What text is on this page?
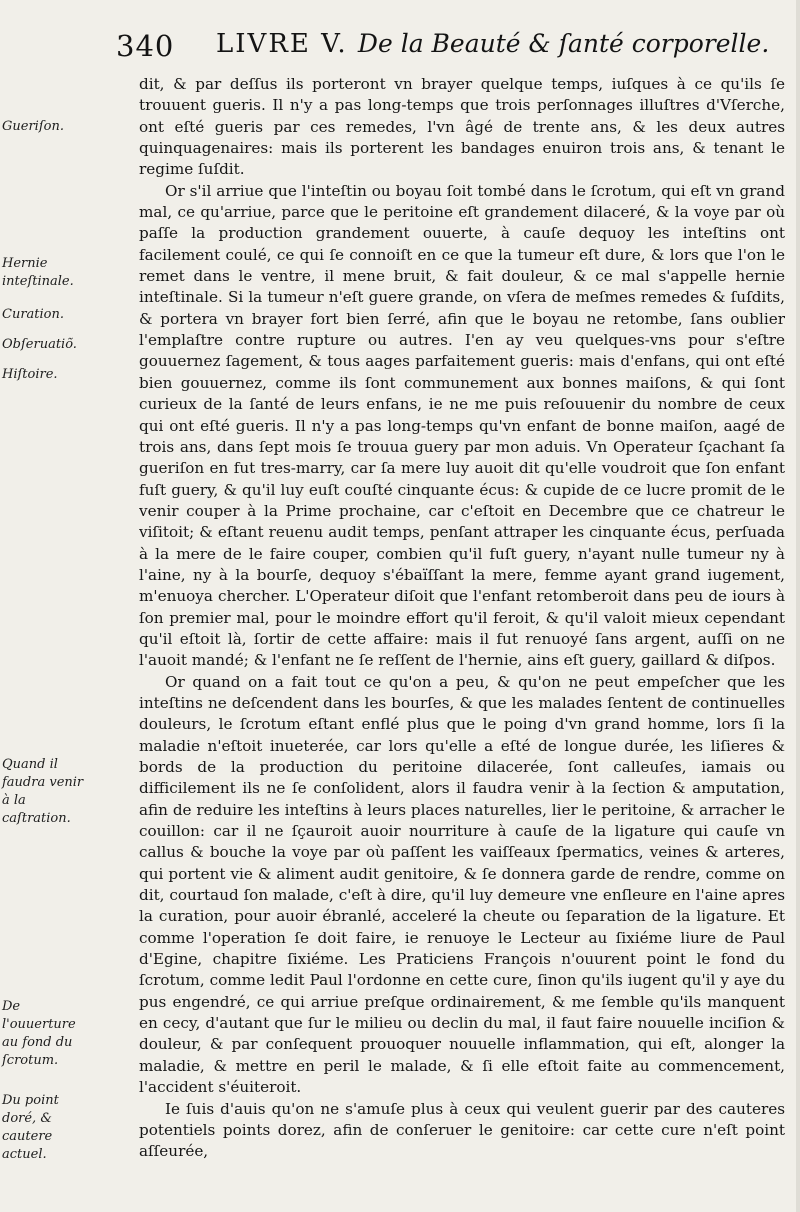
340 LIVRE V. De la Beauté & ſanté corporelle.
Gueriſon.
Hernie inteſtinale.
Curation.
Obſeruatiõ.
Hiſtoire.
Quand il faudra venir à la caſtration.
De l'ouuerture au fond du ſcrotum.
Du point doré, & cautere actuel.

dit, & par deſſus ils porteront vn brayer quelque temps, iuſques à ce qu'ils ſe trouuent gueris. Il n'y a pas long-temps que trois perſonnages illuſtres d'Vſerche, ont eſté gueris par ces remedes, l'vn âgé de trente ans, & les deux autres quinquagenaires: mais ils porterent les bandages enuiron trois ans, & tenant le regime ſuſdit.

Or s'il arriue que l'inteſtin ou boyau ſoit tombé dans le ſcrotum, qui eſt vn grand mal, ce qu'arriue, parce que le peritoine eſt grandement dilaceré, & la voye par où paſſe la production grandement ouuerte, à cauſe dequoy les inteſtins ont facilement coulé, ce qui ſe connoiſt en ce que la tumeur eſt dure, & lors que l'on le remet dans le ventre, il mene bruit, & fait douleur, & ce mal s'appelle hernie inteſtinale. Si la tumeur n'eſt guere grande, on vſera de meſmes remedes & ſuſdits, & portera vn brayer fort bien ſerré, afin que le boyau ne retombe, ſans oublier l'emplaſtre contre rupture ou autres. I'en ay veu quelques-vns pour s'eſtre gouuernez ſagement, & tous aages parfaitement gueris: mais d'enfans, qui ont eſté bien gouuernez, comme ils ſont communement aux bonnes maiſons, & qui ſont curieux de la ſanté de leurs enfans, ie ne me puis reſouuenir du nombre de ceux qui ont eſté gueris. Il n'y a pas long-temps qu'vn enfant de bonne maiſon, aagé de trois ans, dans ſept mois ſe trouua guery par mon aduis. Vn Operateur ſçachant ſa gueriſon en fut tres-marry, car ſa mere luy auoit dit qu'elle voudroit que ſon enfant fuſt guery, & qu'il luy euſt couſté cinquante écus: & cupide de ce lucre promit de le venir couper à la Prime prochaine, car c'eſtoit en Decembre que ce chatreur le viſitoit; & eſtant reuenu audit temps, penſant attraper les cinquante écus, perſuada à la mere de le faire couper, combien qu'il fuſt guery, n'ayant nulle tumeur ny à l'aine, ny à la bourſe, dequoy s'ébaïſſant la mere, femme ayant grand iugement, m'enuoya chercher. L'Operateur diſoit que l'enfant retomberoit dans peu de iours à ſon premier mal, pour le moindre effort qu'il feroit, & qu'il valoit mieux cependant qu'il eſtoit là, ſortir de cette affaire: mais il fut renuoyé ſans argent, auſſi on ne l'auoit mandé; & l'enfant ne ſe reſſent de l'hernie, ains eſt guery, gaillard & diſpos.

Or quand on a fait tout ce qu'on a peu, & qu'on ne peut empeſcher que les inteſtins ne deſcendent dans les bourſes, & que les malades ſentent de continuelles douleurs, le ſcrotum eſtant enflé plus que le poing d'vn grand homme, lors ſi la maladie n'eſtoit inueterée, car lors qu'elle a eſté de longue durée, les liſieres & bords de la production du peritoine dilacerée, ſont calleuſes, iamais ou difficilement ils ne ſe conſolident, alors il faudra venir à la ſection & amputation, afin de reduire les inteſtins à leurs places naturelles, lier le peritoine, & arracher le couillon: car il ne ſçauroit auoir nourriture à cauſe de la ligature qui cauſe vn callus & bouche la voye par où paſſent les vaiſſeaux ſpermatics, veines & arteres, qui portent vie & aliment audit genitoire, & ſe donnera garde de rendre, comme on dit, courtaud ſon malade, c'eſt à dire, qu'il luy demeure vne enſleure en l'aine apres la curation, pour auoir ébranlé, acceleré la cheute ou ſeparation de la ligature. Et comme l'operation ſe doit faire, ie renuoye le Lecteur au ſixiéme liure de Paul d'Egine, chapitre ſixiéme. Les Praticiens François n'ouurent point le fond du ſcrotum, comme ledit Paul l'ordonne en cette cure, ſinon qu'ils iugent qu'il y aye du pus engendré, ce qui arriue preſque ordinairement, & me ſemble qu'ils manquent en cecy, d'autant que ſur le milieu ou declin du mal, il faut faire nouuelle inciſion & douleur, & par conſequent prouoquer nouuelle inflammation, qui eſt, alonger la maladie, & mettre en peril le malade, & ſi elle eſtoit faite au commencement, l'accident s'éuiteroit.

Ie ſuis d'auis qu'on ne s'amuſe plus à ceux qui veulent guerir par des cauteres potentiels points dorez, afin de conſeruer le genitoire: car cette cure n'eſt point aſſeurée,
